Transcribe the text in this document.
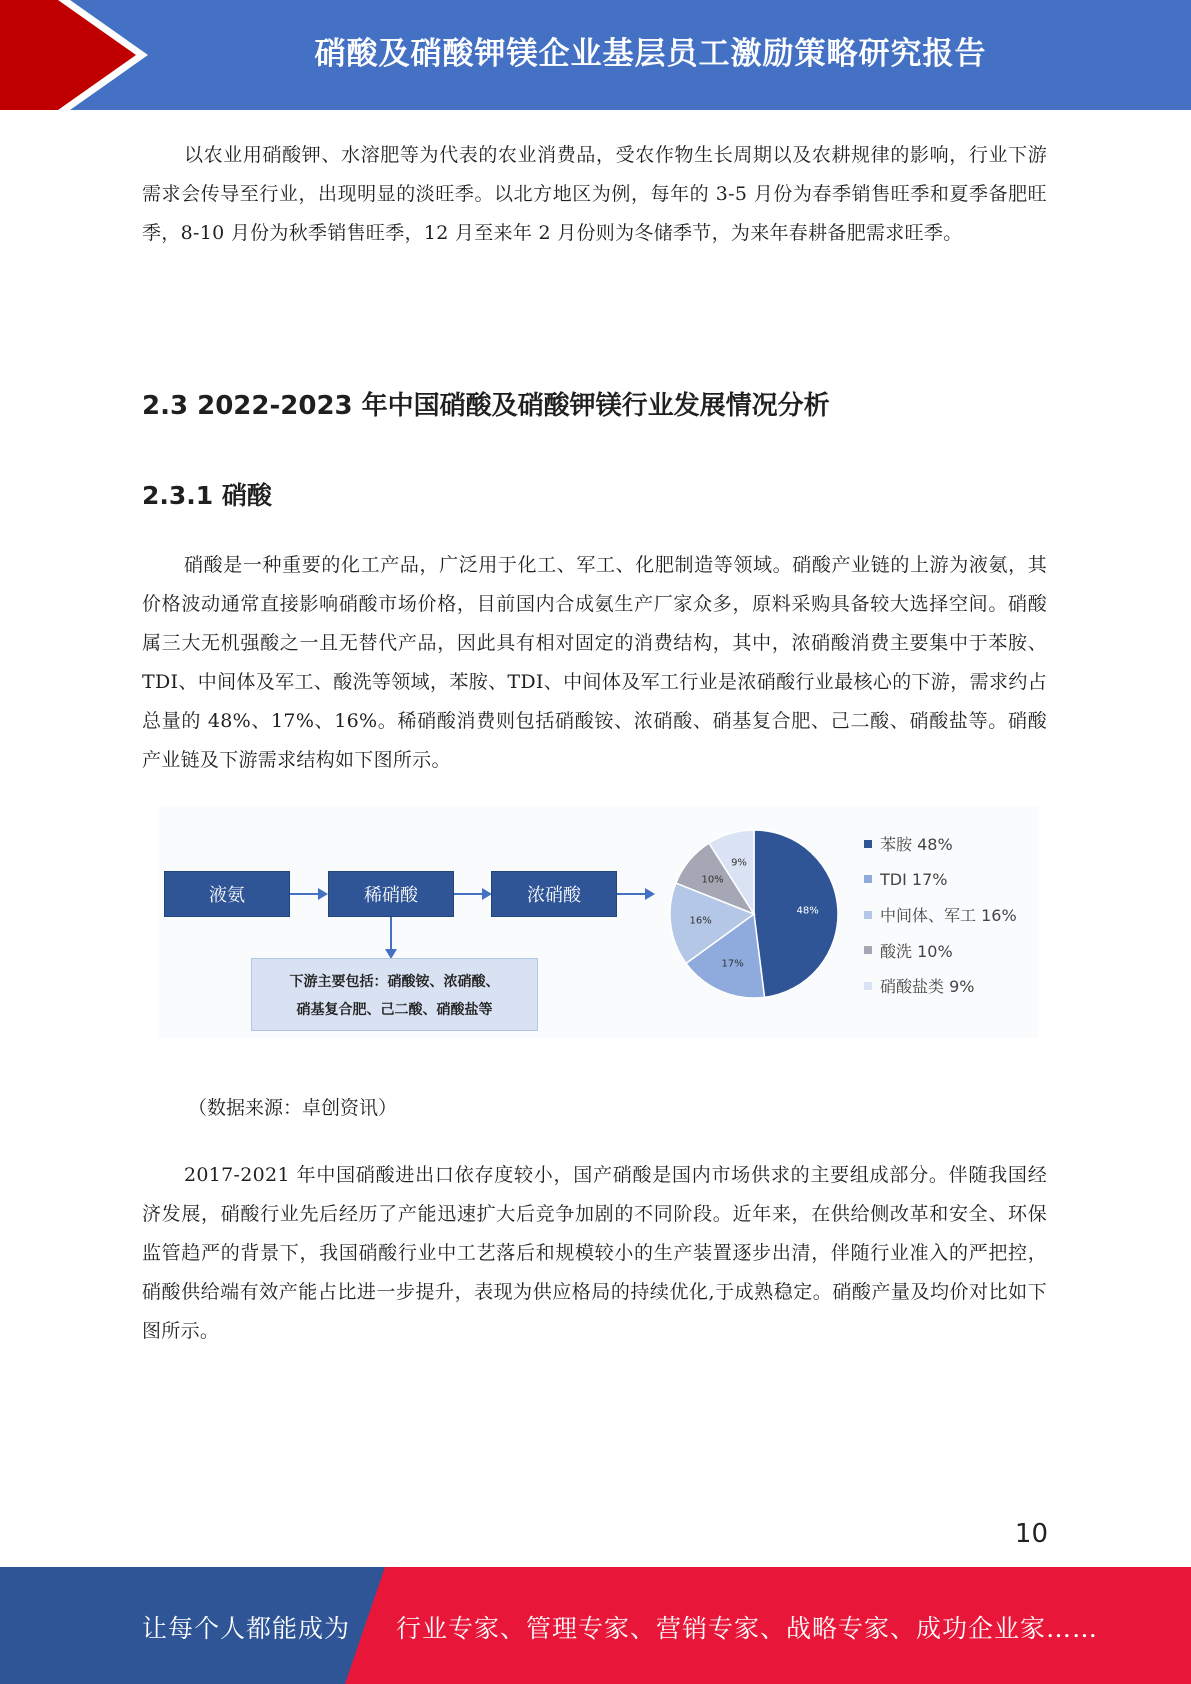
硝酸及硝酸钾镁企业基层员工激励策略研究报告

以农业用硝酸钾、水溶肥等为代表的农业消费品，受农作物生长周期以及农耕规律的影响，行业下游需求会传导至行业，出现明显的淡旺季。以北方地区为例，每年的 3-5 月份为春季销售旺季和夏季备肥旺季，8-10 月份为秋季销售旺季，12 月至来年 2 月份则为冬储季节，为来年春耕备肥需求旺季。

2.3 2022-2023 年中国硝酸及硝酸钾镁行业发展情况分析
2.3.1 硝酸

硝酸是一种重要的化工产品，广泛用于化工、军工、化肥制造等领域。硝酸产业链的上游为液氨，其价格波动通常直接影响硝酸市场价格，目前国内合成氨生产厂家众多，原料采购具备较大选择空间。硝酸属三大无机强酸之一且无替代产品，因此具有相对固定的消费结构，其中，浓硝酸消费主要集中于苯胺、TDI、中间体及军工、酸洗等领域，苯胺、TDI、中间体及军工行业是浓硝酸行业最核心的下游，需求约占总量的 48%、17%、16%。稀硝酸消费则包括硝酸铵、浓硝酸、硝基复合肥、己二酸、硝酸盐等。硝酸产业链及下游需求结构如下图所示。

液氨	稀硝酸	浓硝酸
下游主要包括：硝酸铵、浓硝酸、
硝基复合肥、己二酸、硝酸盐等
48%
17%
16%
10%
9%
苯胺 48%
TDI 17%
中间体、军工 16%
酸洗 10%
硝酸盐类 9%
（数据来源：卓创资讯）

2017-2021 年中国硝酸进出口依存度较小，国产硝酸是国内市场供求的主要组成部分。伴随我国经济发展，硝酸行业先后经历了产能迅速扩大后竞争加剧的不同阶段。近年来，在供给侧改革和安全、环保监管趋严的背景下，我国硝酸行业中工艺落后和规模较小的生产装置逐步出清，伴随行业准入的严把控，硝酸供给端有效产能占比进一步提升，表现为供应格局的持续优化,于成熟稳定。硝酸产量及均价对比如下图所示。

10
让每个人都能成为 行业专家、管理专家、营销专家、战略专家、成功企业家……
